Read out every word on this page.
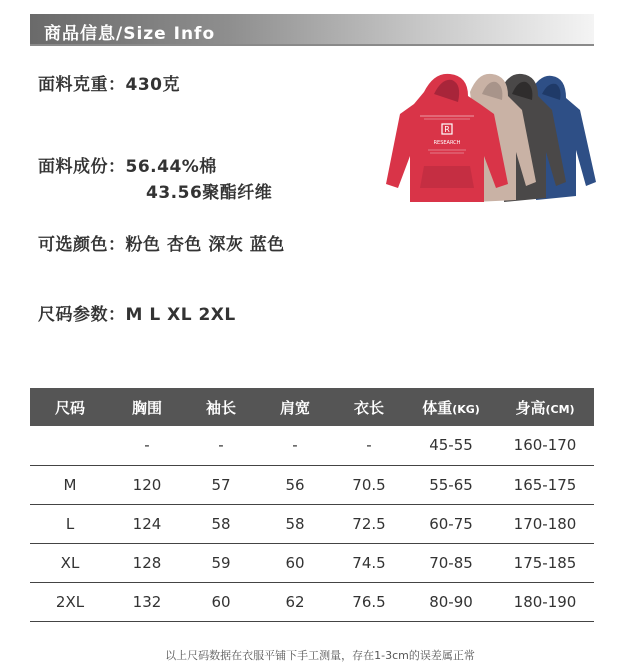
商品信息/Size Info
面料克重：430克
面料成份：56.44%棉
43.56聚酯纤维
可选颜色：粉色 杏色 深灰 蓝色
尺码参数：M L XL 2XL
R
RESEARCH
尺码	胸围	袖长	肩宽	衣长	体重(KG)	身高(CM)
	-	-	-	-	45-55	160-170
M	120	57	56	70.5	55-65	165-175
L	124	58	58	72.5	60-75	170-180
XL	128	59	60	74.5	70-85	175-185
2XL	132	60	62	76.5	80-90	180-190
以上尺码数据在衣服平铺下手工测量，存在1-3cm的误差属正常
